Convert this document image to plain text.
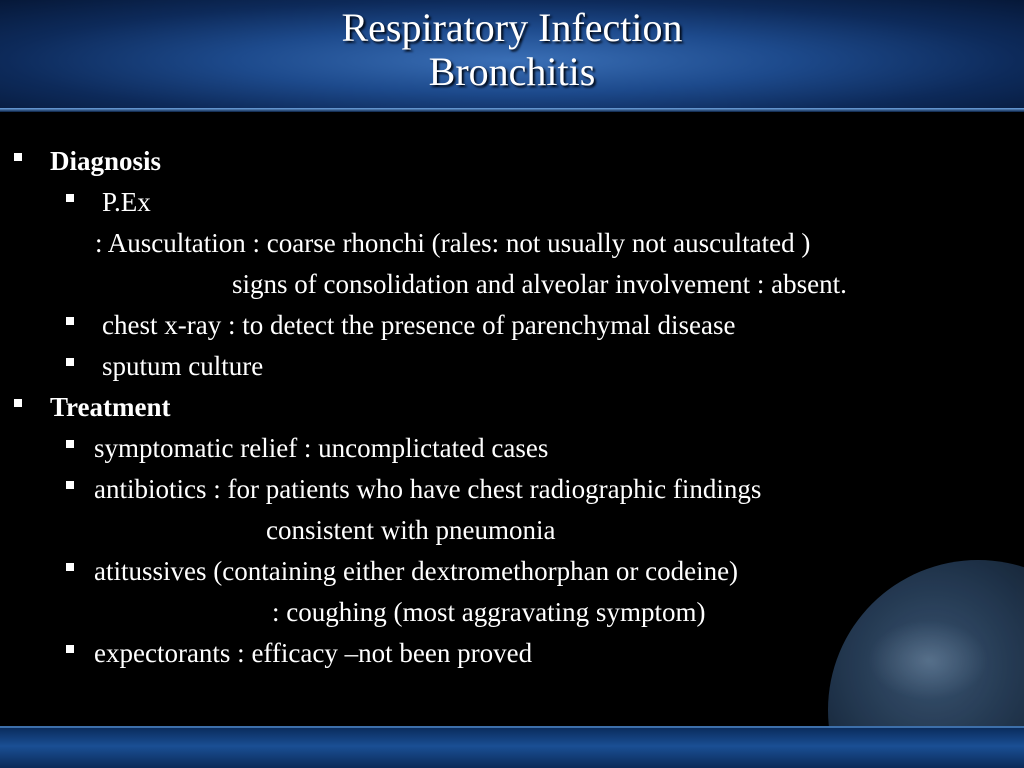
Respiratory Infection
Bronchitis
Diagnosis
P.Ex
: Auscultation : coarse rhonchi (rales: not usually not auscultated )
signs of consolidation and alveolar involvement : absent.
chest x-ray : to detect the presence of parenchymal disease
sputum culture
Treatment
symptomatic relief : uncomplictated cases
antibiotics : for patients who have chest radiographic findings
consistent with pneumonia
atitussives (containing either dextromethorphan or codeine)
: coughing (most aggravating symptom)
expectorants : efficacy –not been proved
